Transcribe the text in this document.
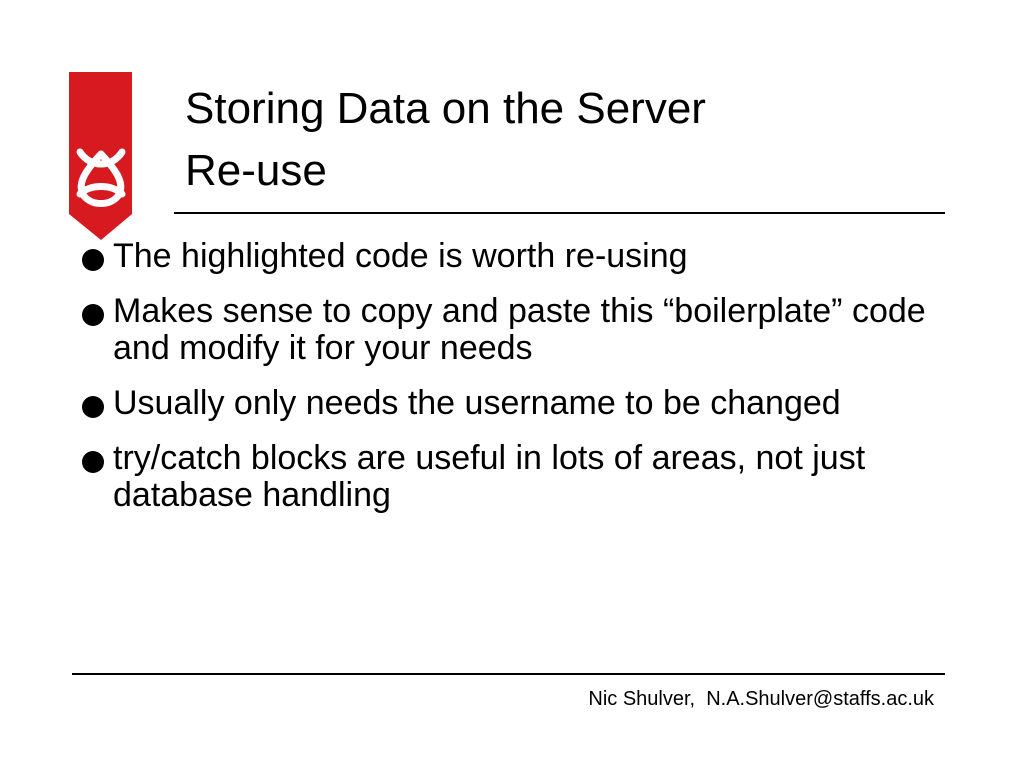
Storing Data on the Server
Re-use
The highlighted code is worth re-using
Makes sense to copy and paste this “boilerplate” code and modify it for your needs
Usually only needs the username to be changed
try/catch blocks are useful in lots of areas, not just database handling
Nic Shulver,  N.A.Shulver@staffs.ac.uk
